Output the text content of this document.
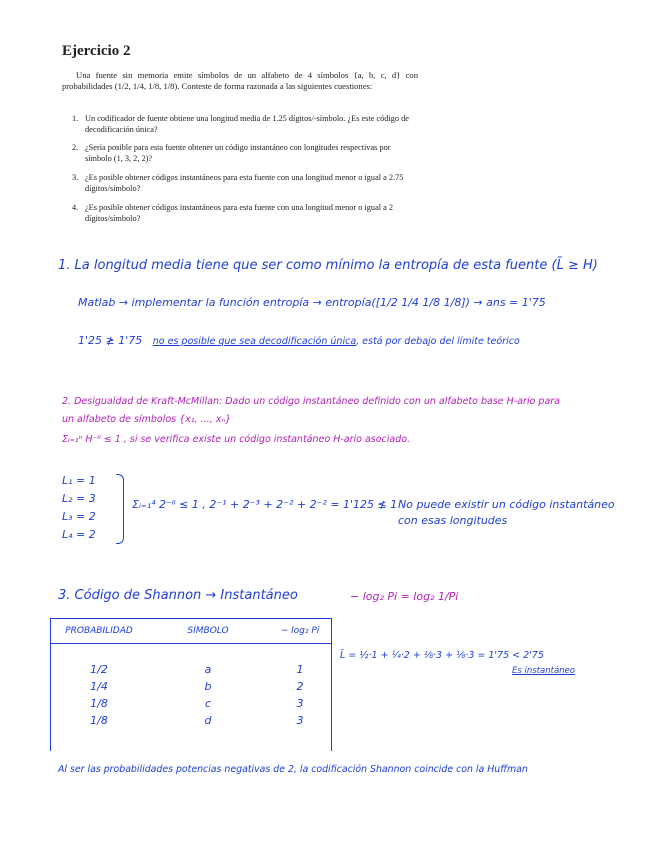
Ejercicio 2
Una fuente sin memoria emite símbolos de un alfabeto de 4 símbolos {a, b, c, d} con probabilidades (1/2, 1/4, 1/8, 1/8). Conteste de forma razonada a las siguientes cuestiones:
1. Un codificador de fuente obtiene una longitud media de 1.25 dígitos/-símbolo. ¿Es este código de decodificación única?
2. ¿Sería posible para esta fuente obtener un código instantáneo con longitudes respectivas por símbolo (1, 3, 2, 2)?
3. ¿Es posible obtener códigos instantáneos para esta fuente con una longitud menor o igual a 2.75 dígitos/símbolo?
4. ¿Es posible obtener códigos instantáneos para esta fuente con una longitud menor o igual a 2 dígitos/símbolo?
1. La longitud media tiene que ser como mínimo la entropía de esta fuente (L̄ ≥ H)
Matlab → implementar la función entropía → entropía([1/2 1/4 1/8 1/8]) → ans = 1'75
1'25 ≱ 1'75 no es posible que sea decodificación única, está por debajo del límite teórico
2. Desigualdad de Kraft-McMillan: Dado un código instantáneo definido con un alfabeto base H-ario para
un alfabeto de símbolos {x₁, ..., xₙ}
Σᵢ₌₁ⁿ H⁻ˡⁱ ≤ 1 , si se verifica existe un código instantáneo H-ario asociado.
L₁ = 1
L₂ = 3
L₃ = 2
L₄ = 2
Σᵢ₌₁⁴ 2⁻ˡⁱ ≤ 1 , 2⁻¹ + 2⁻³ + 2⁻² + 2⁻² = 1'125 ≰ 1 No puede existir un código instantáneo
con esas longitudes
3. Código de Shannon → Instantáneo	− log₂ Pi = log₂ 1/Pi
PROBABILIDAD	SÍMBOLO	− log₂ Pi

1/2	a	1
1/4	b	2
1/8	c	3
1/8	d	3

L̄ = ½·1 + ¼·2 + ⅛·3 + ⅛·3 = 1'75 < 2'75
Es instantáneo
Al ser las probabilidades potencias negativas de 2, la codificación Shannon coincide con la Huffman
